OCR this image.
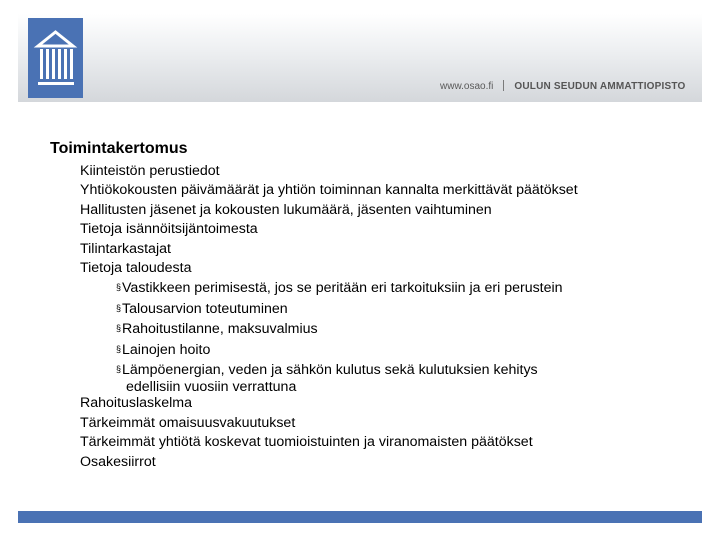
www.osao.fi OULUN SEUDUN AMMATTIOPISTO
Toimintakertomus
Kiinteistön perustiedot
Yhtiökokousten päivämäärät ja yhtiön toiminnan kannalta merkittävät päätökset
Hallitusten jäsenet ja kokousten lukumäärä, jäsenten vaihtuminen
Tietoja isännöitsijäntoimesta
Tilintarkastajat
Tietoja taloudesta
§Vastikkeen perimisestä, jos se peritään eri tarkoituksiin ja eri perustein
§Talousarvion toteutuminen
§Rahoitustilanne, maksuvalmius
§Lainojen hoito
§Lämpöenergian, veden ja sähkön kulutus sekä kulutuksien kehitys
edellisiin vuosiin verrattuna
Rahoituslaskelma
Tärkeimmät omaisuusvakuutukset
Tärkeimmät yhtiötä koskevat tuomioistuinten ja viranomaisten päätökset
Osakesiirrot
